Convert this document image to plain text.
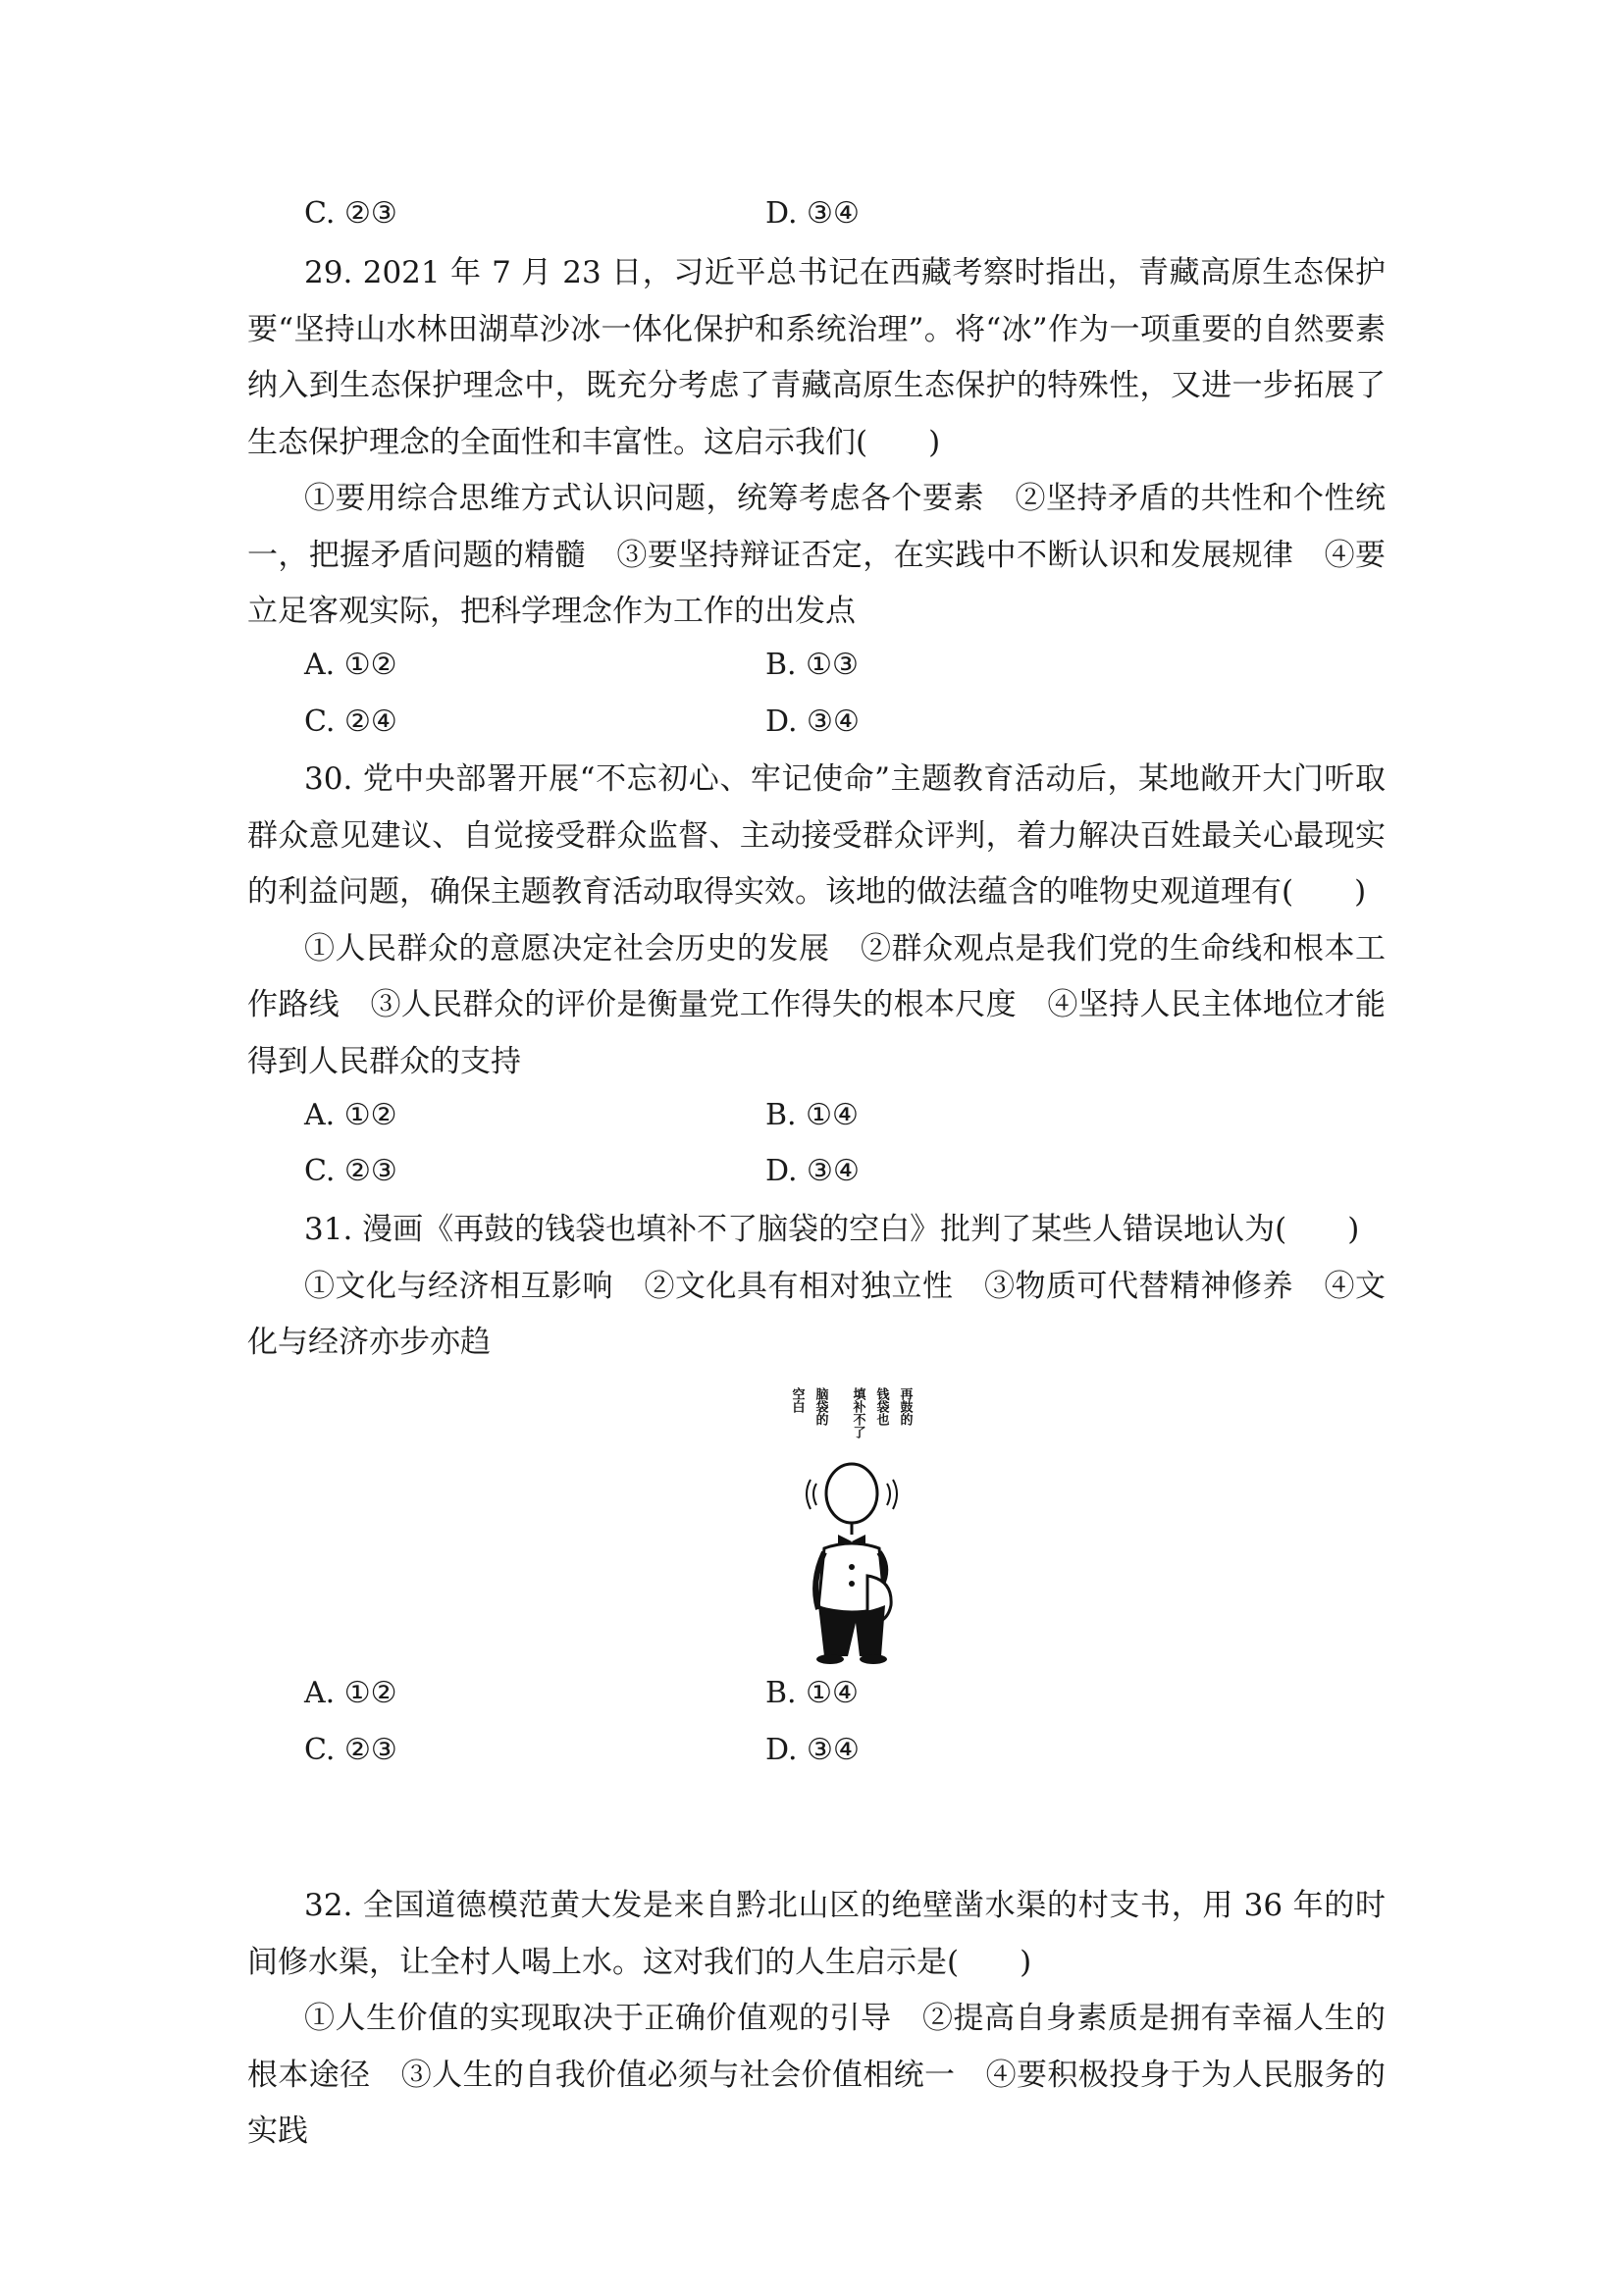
C. ②③	D. ③④

29. 2021 年 7 月 23 日，习近平总书记在西藏考察时指出，青藏高原生态保护要“坚持山水林田湖草沙冰一体化保护和系统治理”。将“冰”作为一项重要的自然要素纳入到生态保护理念中，既充分考虑了青藏高原生态保护的特殊性，又进一步拓展了生态保护理念的全面性和丰富性。这启示我们(　　)

①要用综合思维方式认识问题，统筹考虑各个要素　②坚持矛盾的共性和个性统一，把握矛盾问题的精髓　③要坚持辩证否定，在实践中不断认识和发展规律　④要立足客观实际，把科学理念作为工作的出发点

A. ①②	B. ①③
C. ②④	D. ③④

30. 党中央部署开展“不忘初心、牢记使命”主题教育活动后，某地敞开大门听取群众意见建议、自觉接受群众监督、主动接受群众评判，着力解决百姓最关心最现实的利益问题，确保主题教育活动取得实效。该地的做法蕴含的唯物史观道理有(　　)

①人民群众的意愿决定社会历史的发展　②群众观点是我们党的生命线和根本工作路线　③人民群众的评价是衡量党工作得失的根本尺度　④坚持人民主体地位才能得到人民群众的支持

A. ①②	B. ①④
C. ②③	D. ③④

31. 漫画《再鼓的钱袋也填补不了脑袋的空白》批判了某些人错误地认为(　　)

①文化与经济相互影响　②文化具有相对独立性　③物质可代替精神修养　④文化与经济亦步亦趋

再鼓的
钱袋也
填补不了
脑袋的
空白
A. ①②	B. ①④
C. ②③	D. ③④

32. 全国道德模范黄大发是来自黔北山区的绝壁凿水渠的村支书，用 36 年的时间修水渠，让全村人喝上水。这对我们的人生启示是(　　)

①人生价值的实现取决于正确价值观的引导　②提高自身素质是拥有幸福人生的根本途径　③人生的自我价值必须与社会价值相统一　④要积极投身于为人民服务的实践
